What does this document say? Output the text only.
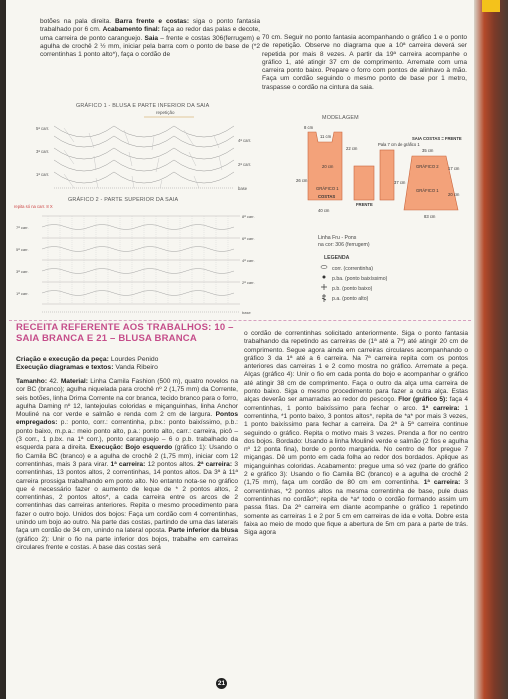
botões na pala direita. Barra frente e costas: siga o ponto fantasia trabalhado por 6 cm. Acabamento final: faça ao redor das palas e decote, uma carreira de ponto caranguejo. Saia – frente e costas 306(ferrugem) e agulha de crochê 2 ½ mm, iniciar pela barra com o ponto de base de (*2 correntinhas 1 ponto alto*), faça o cordão de
70 cm. Seguir no ponto fantasia acompanhando o gráfico 1 e o ponto de repetição. Observe no diagrama que a 10ª carreira deverá ser repetida por mais 8 vezes. A partir da 19ª carreira acompanhe o gráfico 1, até atingir 37 cm de comprimento. Arremate com uma carreira ponto baixo. Prepare o forro com pontos de alinhavo à mão. Faça um cordão seguindo o mesmo ponto de base por 1 metro, traspasse o cordão na cintura da saia.
GRÁFICO 1 - BLUSA E PARTE INFERIOR DA SAIA
repetição
5ª carr.
3ª carr.
1ª carr.
4ª carr.
2ª carr.
base
GRÁFICO 2 - PARTE SUPERIOR DA SAIA
repita só na carr. 8 X
8ª carr.
6ª carr.
4ª carr.
2ª carr.
7ª carr.
5ª carr.
3ª carr.
1ª carr.
base
MODELAGEM
8 cm
11 cm
22 cm
20 cm
26 cm
GRÁFICO 1
COSTAS
40 cm
FRENTE
Pala 7 cm de gráfico 1
SAIA COSTAS = FRENTE
35 cm
17 cm
GRÁFICO 2
20 cm
GRÁFICO 1
83 cm
37 cm
Linha Fru - Pons
na cor: 306 (ferrugem)
LEGENDA
corr. (correntinha)
p.ba. (ponto baixíssimo)
p.b. (ponto baixo)
p.a. (ponto alto)
RECEITA REFERENTE AOS TRABALHOS: 10 – SAIA BRANCA E 21 – BLUSA BRANCA
Criação e execução da peça: Lourdes Penido
Execução diagramas e textos: Vanda Ribeiro
Tamanho: 42. Material: Linha Camila Fashion (500 m), quatro novelos na cor BC (branco); agulha niquelada para crochê nº 2 (1,75 mm) da Corrente, seis botões, linha Drima Corrente na cor branca, tecido branco para o forro, agulha Daming nº 12, lantejoulas coloridas e miçanguinhas, linha Anchor Mouliné na cor verde e salmão e renda com 2 cm de largura. Pontos empregados: p.: ponto, corr.: correntinha, p.bx.: ponto baixíssimo, p.b.: ponto baixo, m.p.a.: meio ponto alto, p.a.: ponto alto, carr.: carreira, picô – (3 corr., 1 p.bx. na 1ª corr.), ponto caranguejo – 6 o p.b. trabalhado da esquerda para a direita. Execução: Bojo esquerdo (gráfico 1): Usando o fio Camila BC (branco) e a agulha de crochê 2 (1,75 mm), iniciar com 12 correntinhas, mais 3 para virar. 1ª carreira: 12 pontos altos. 2ª carreira: 3 correntinhas, 13 pontos altos, 2 correntinhas, 14 pontos altos. Da 3ª à 11ª carreira prossiga trabalhando em ponto alto. No entanto nota-se no gráfico que é necessário fazer o aumento de leque de * 2 pontos altos, 2 correntinhas, 2 pontos altos*, a cada carreira entre os arcos de 2 correntinhas das carreiras anteriores. Repita o mesmo procedimento para fazer o outro bojo. Unidos dos bojos: Faça um cordão com 4 correntinhas, unindo um bojo ao outro. Na parte das costas, partindo de uma das laterais faça um cordão de 34 cm, unindo na lateral oposta. Parte inferior da blusa (gráfico 2): Unir o fio na parte inferior dos bojos, trabalhe em carreiras circulares frente e costas. A base das costas será
o cordão de correntinhas solicitado anteriormente. Siga o ponto fantasia trabalhando da repetindo as carreiras de (1ª até a 7ª) até atingir 20 cm de comprimento. Segue agora ainda em carreiras circulares acompanhando o gráfico 3 da 1ª até a 6 carreira. Na 7ª carreira repita com os pontos anteriores das carreiras 1 e 2 como mostra no gráfico. Arremate a peça. Alças (gráfico 4): Unir o fio em cada ponta do bojo e acompanhar o gráfico até atingir 38 cm de comprimento. Faça o outro da alça uma carreira de ponto baixo. Siga o mesmo procedimento para fazer a outra alça. Estas alças deverão ser amarradas ao redor do pescoço. Flor (gráfico 5): faça 4 correntinhas, 1 ponto baixíssimo para fechar o arco. 1ª carreira: 1 correntinha, *1 ponto baixo, 3 pontos altos*, repita de *a* por mais 3 vezes, 1 ponto baixíssimo para fechar a carreira. Da 2ª à 5ª carreira continue seguindo o gráfico. Repita o motivo mais 3 vezes. Prenda a flor no centro dos bojos. Bordado: Usando a linha Mouliné verde e salmão (2 fios e agulha nº 12 ponta fina), borde o ponto margarida. No centro de flor pregue 7 miçangas. Dê um ponto em cada folha ao redor dos bordados. Aplique as miçanguinhas coloridas. Acabamento: pregue uma só vez (parte do gráfico 2 e gráfico 3): Usando o fio Camila BC (branco) e a agulha de crochê 2 (1,75 mm), faça um cordão de 80 cm em correntinha. 1ª carreira: 3 correntinhas, *2 pontos altos na mesma correntinha de base, pule duas correntinhas no cordão*; repita de *a* todo o cordão formando assim um passa fitas. Da 2ª carreira em diante acompanhe o gráfico 1 repetindo somente as carreiras 1 e 2 por 5 cm em carreiras de ida e volta. Dobre esta faixa ao meio de modo que fique a abertura de 5m cm para a parte de trás. Siga agora
21
